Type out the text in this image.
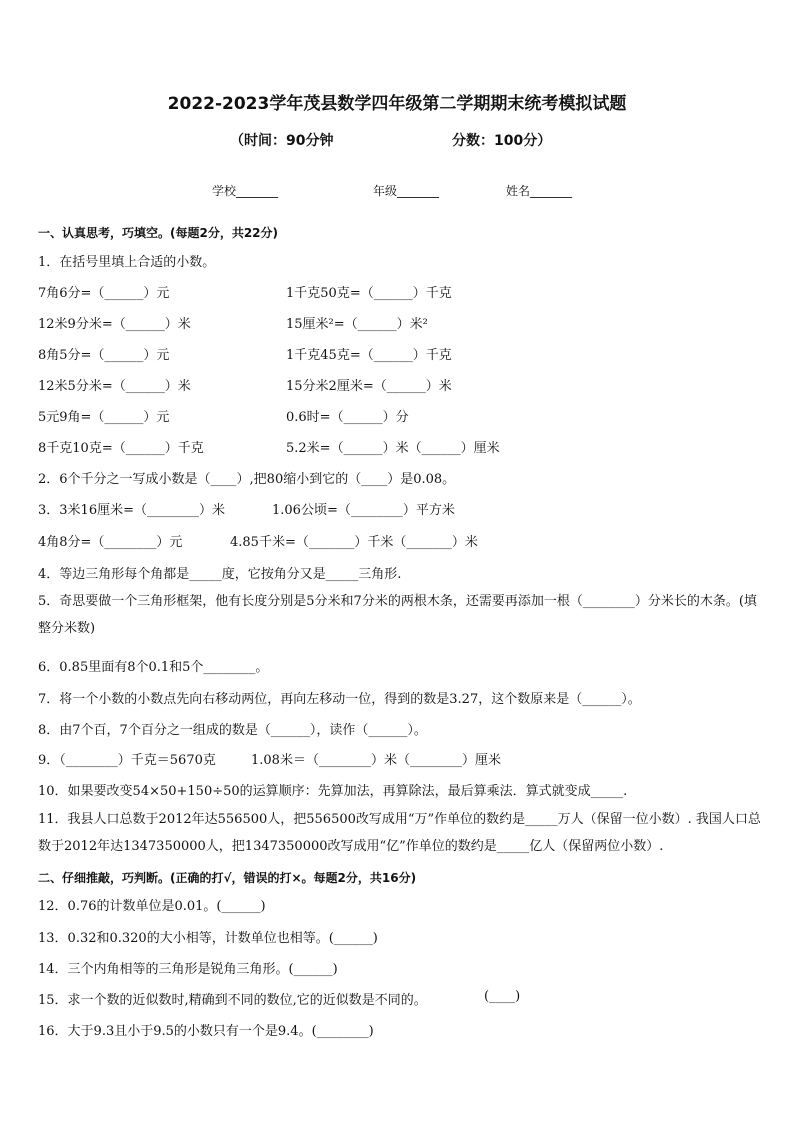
2022-2023学年茂县数学四年级第二学期期末统考模拟试题
（时间：90分钟	分数：100分）
学校_______	年级_______	姓名_______
一、认真思考，巧填空。(每题2分，共22分)
1．在括号里填上合适的小数。
7角6分=（______）元	1千克50克=（______）千克
12米9分米=（______）米	15厘米²=（______）米²
8角5分=（______）元	1千克45克=（______）千克
12米5分米=（______）米	15分米2厘米=（______）米
5元9角=（______）元	0.6时=（______）分
8千克10克=（______）千克	5.2米=（______）米（______）厘米
2．6个千分之一写成小数是（____）,把80缩小到它的（____）是0.08。
3．3米16厘米=（________）米	1.06公顷=（________）平方米
4角8分=（________）元	4.85千米=（_______）千米（_______）米
4．等边三角形每个角都是_____度，它按角分又是_____三角形.
5．奇思要做一个三角形框架，他有长度分别是5分米和7分米的两根木条，还需要再添加一根（________）分米长的木条。(填整分米数)
6．0.85里面有8个0.1和5个________。
7．将一个小数的小数点先向右移动两位，再向左移动一位，得到的数是3.27，这个数原来是（______）。
8．由7个百，7个百分之一组成的数是（______），读作（______）。
9．（________）千克＝5670克	1.08米＝（________）米（________）厘米
10．如果要改变54×50+150÷50的运算顺序：先算加法，再算除法，最后算乘法．算式就变成_____.
11．我县人口总数于2012年达556500人，把556500改写成用“万”作单位的数约是_____万人（保留一位小数）. 我国人口总数于2012年达1347350000人，把1347350000改写成用“亿”作单位的数约是_____亿人（保留两位小数）.
二、仔细推敲，巧判断。(正确的打√，错误的打×。每题2分，共16分)
12．0.76的计数单位是0.01。(______)
13．0.32和0.320的大小相等，计数单位也相等。(______)
14．三个内角相等的三角形是锐角三角形。(______)
15．求一个数的近似数时,精确到不同的数位,它的近似数是不同的。	(____)
16．大于9.3且小于9.5的小数只有一个是9.4。(________)
